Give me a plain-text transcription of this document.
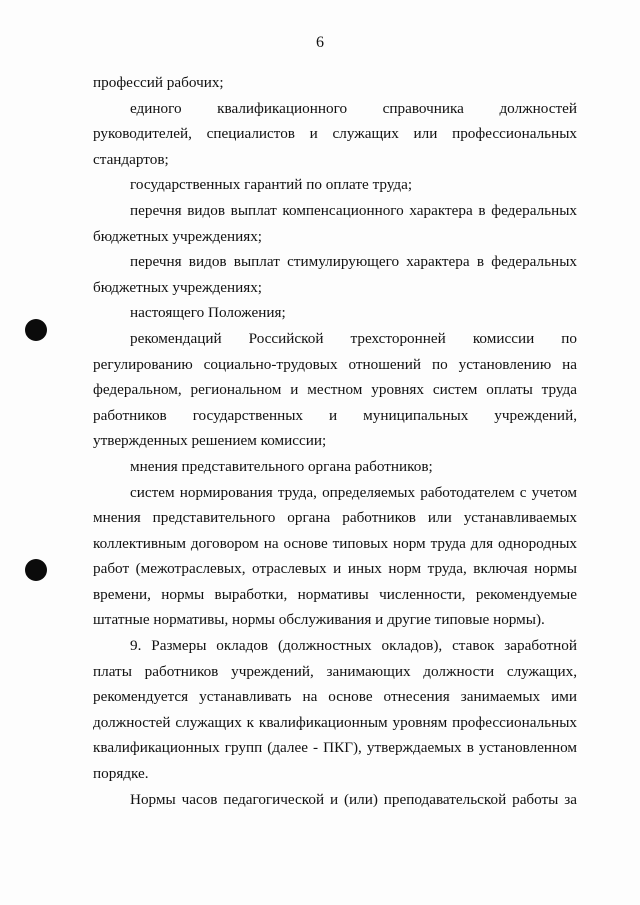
6

профессий рабочих;

единого квалификационного справочника должностей руководителей, специалистов и служащих или профессиональных стандартов;

государственных гарантий по оплате труда;

перечня видов выплат компенсационного характера в федеральных бюджетных учреждениях;

перечня видов выплат стимулирующего характера в федеральных бюджетных учреждениях;

настоящего Положения;

рекомендаций Российской трехсторонней комиссии по регулированию социально-трудовых отношений по установлению на федеральном, региональном и местном уровнях систем оплаты труда работников государственных и муниципальных учреждений, утвержденных решением комиссии;

мнения представительного органа работников;

систем нормирования труда, определяемых работодателем с учетом мнения представительного органа работников или устанавливаемых коллективным договором на основе типовых норм труда для однородных работ (межотраслевых, отраслевых и иных норм труда, включая нормы времени, нормы выработки, нормативы численности, рекомендуемые штатные нормативы, нормы обслуживания и другие типовые нормы).

9. Размеры окладов (должностных окладов), ставок заработной платы работников учреждений, занимающих должности служащих, рекомендуется устанавливать на основе отнесения занимаемых ими должностей служащих к квалификационным уровням профессиональных квалификационных групп (далее - ПКГ), утверждаемых в установленном порядке.

Нормы часов педагогической и (или) преподавательской работы за
